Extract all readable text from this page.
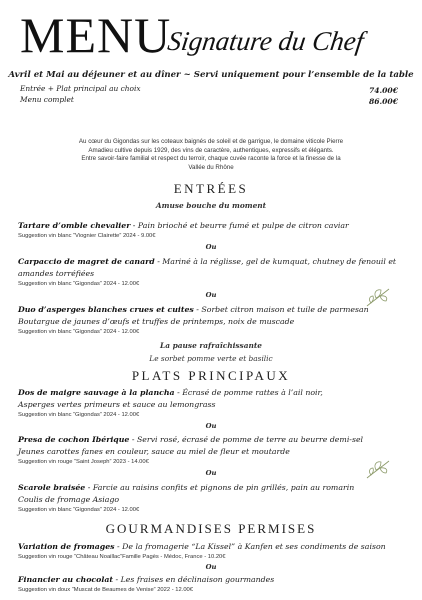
MENU
Signature du Chef
Avril et Mai au déjeuner et au dîner ~ Servi uniquement pour l’ensemble de la table
Entrée + Plat principal au choix	74.00€
Menu complet	86.00€
Au cœur du Gigondas sur les coteaux baignés de soleil et de garrigue, le domaine viticole Pierre
Amadieu cultive depuis 1929, des vins de caractère, authentiques, expressifs et élégants.
Entre savoir-faire familial et respect du terroir, chaque cuvée raconte la force et la finesse de la
Vallée du Rhône
ENTRÉES
Amuse bouche du moment
Tartare d’omble chevalier - Pain brioché et beurre fumé et pulpe de citron caviar
Suggestion vin blanc “Viognier Clairette” 2024 - 9.00€
Ou
Carpaccio de magret de canard - Mariné à la réglisse, gel de kumquat, chutney de fenouil et
amandes torréfiées
Suggestion vin blanc “Gigondas” 2024 - 12.00€
Ou
Duo d’asperges blanches crues et cuites - Sorbet citron maison et tuile de parmesan
Boutargue de jaunes d’œufs et truffes de printemps, noix de muscade
Suggestion vin blanc “Gigondas” 2024 - 12.00€
La pause rafraîchissante
Le sorbet pomme verte et basilic
PLATS PRINCIPAUX
Dos de maigre sauvage à la plancha - Écrasé de pomme rattes à l’ail noir,
Asperges vertes primeurs et sauce au lemongrass
Suggestion vin blanc “Gigondas” 2024 - 12.00€
Ou
Presa de cochon Ibérique - Servi rosé, écrasé de pomme de terre au beurre demi-sel
Jeunes carottes fanes en couleur, sauce au miel de fleur et moutarde
Suggestion vin rouge “Saint Joseph” 2023 - 14.00€
Ou
Scarole braisée - Farcie au raisins confits et pignons de pin grillés, pain au romarin
Coulis de fromage Asiago
Suggestion vin blanc “Gigondas” 2024 - 12.00€
GOURMANDISES PERMISES
Variation de fromages - De la fromagerie “La Kissel” à Kanfen et ses condiments de saison
Suggestion vin rouge “Château Noaillac”Famille Pagès - Médoc, France - 10.20€
Ou
Financier au chocolat - Les fraises en déclinaison gourmandes
Suggestion vin doux “Muscat de Beaumes de Venise” 2022 - 12.00€
